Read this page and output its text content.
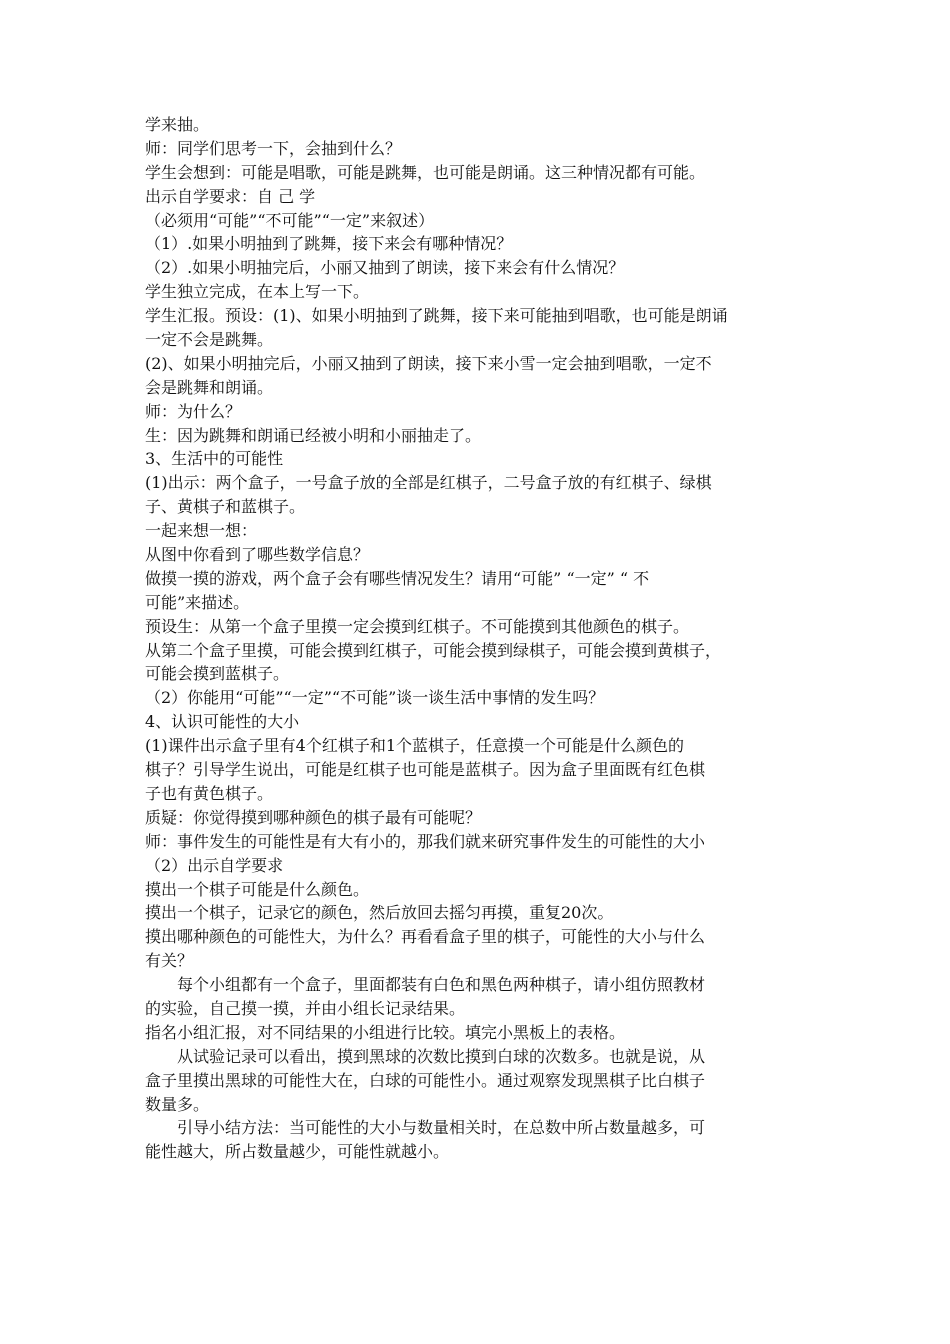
学来抽。
师：同学们思考一下，会抽到什么？
学生会想到：可能是唱歌，可能是跳舞，也可能是朗诵。这三种情况都有可能。
出示自学要求：自 己 学
（必须用“可能”“不可能”“一定”来叙述）
（1）.如果小明抽到了跳舞，接下来会有哪种情况？
（2）.如果小明抽完后，小丽又抽到了朗读，接下来会有什么情况？
学生独立完成，在本上写一下。
学生汇报。预设：(1)、如果小明抽到了跳舞，接下来可能抽到唱歌，也可能是朗诵
一定不会是跳舞。
(2)、如果小明抽完后，小丽又抽到了朗读，接下来小雪一定会抽到唱歌，一定不
会是跳舞和朗诵。
师：为什么？
生：因为跳舞和朗诵已经被小明和小丽抽走了。
3、生活中的可能性
(1)出示：两个盒子，一号盒子放的全部是红棋子，二号盒子放的有红棋子、绿棋
子、黄棋子和蓝棋子。
一起来想一想：
从图中你看到了哪些数学信息？
做摸一摸的游戏，两个盒子会有哪些情况发生？请用“可能” “一定” “ 不
可能”来描述。
预设生：从第一个盒子里摸一定会摸到红棋子。不可能摸到其他颜色的棋子。
从第二个盒子里摸，可能会摸到红棋子，可能会摸到绿棋子，可能会摸到黄棋子，
可能会摸到蓝棋子。
（2）你能用“可能”“一定”“不可能”谈一谈生活中事情的发生吗？
4、认识可能性的大小
(1)课件出示盒子里有4个红棋子和1个蓝棋子，任意摸一个可能是什么颜色的
棋子？引导学生说出，可能是红棋子也可能是蓝棋子。因为盒子里面既有红色棋
子也有黄色棋子。
质疑：你觉得摸到哪种颜色的棋子最有可能呢？
师：事件发生的可能性是有大有小的，那我们就来研究事件发生的可能性的大小
（2）出示自学要求
摸出一个棋子可能是什么颜色。
摸出一个棋子，记录它的颜色，然后放回去摇匀再摸，重复20次。
摸出哪种颜色的可能性大，为什么？再看看盒子里的棋子，可能性的大小与什么
有关？
每个小组都有一个盒子，里面都装有白色和黑色两种棋子，请小组仿照教材
的实验，自己摸一摸，并由小组长记录结果。
指名小组汇报，对不同结果的小组进行比较。填完小黑板上的表格。
从试验记录可以看出，摸到黑球的次数比摸到白球的次数多。也就是说，从
盒子里摸出黑球的可能性大在，白球的可能性小。通过观察发现黑棋子比白棋子
数量多。
引导小结方法：当可能性的大小与数量相关时，在总数中所占数量越多，可
能性越大，所占数量越少，可能性就越小。
